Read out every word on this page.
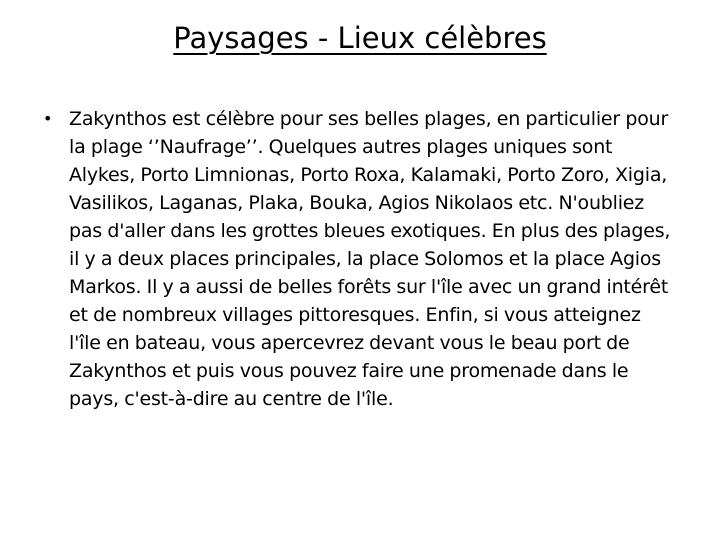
Paysages - Lieux célèbres
• Zakynthos est célèbre pour ses belles plages, en particulier pour la plage ‘’Naufrage’’. Quelques autres plages uniques sont Alykes, Porto Limnionas, Porto Roxa, Kalamaki, Porto Zoro, Xigia, Vasilikos, Laganas, Plaka, Bouka, Agios Nikolaos etc. N'oubliez pas d'aller dans les grottes bleues exotiques. En plus des plages, il y a deux places principales, la place Solomos et la place Agios Markos. Il y a aussi de belles forêts sur l'île avec un grand intérêt et de nombreux villages pittoresques. Enfin, si vous atteignez l'île en bateau, vous apercevrez devant vous le beau port de Zakynthos et puis vous pouvez faire une promenade dans le pays, c'est-à-dire au centre de l'île.
